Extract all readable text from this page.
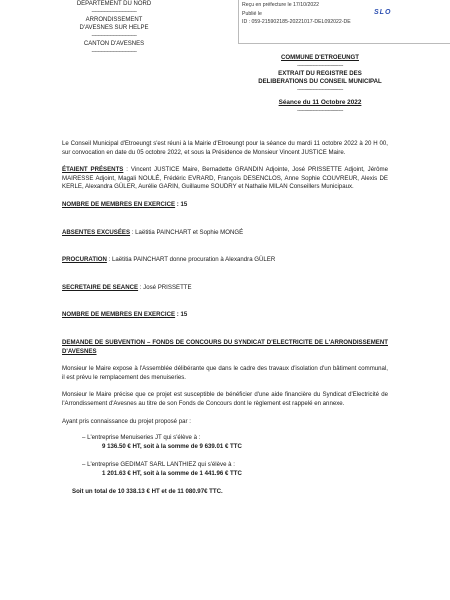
Reçu en préfecture le 17/10/2022
Publié le
ID : 059-215902185-20221017-DEL092022-DE
SLO
DÉPARTEMENT DU NORD
------------------------------
ARRONDISSEMENT
D'AVESNES SUR HELPE
------------------------------
CANTON D'AVESNES
------------------------------
COMMUNE D'ETROEUNGT
------------------------------
EXTRAIT DU REGISTRE DES
DELIBERATIONS DU CONSEIL MUNICIPAL
------------------------------
Séance du 11 Octobre 2022
------------------------------

Le Conseil Municipal d'Etroeungt s'est réuni à la Mairie d'Etroeungt pour la séance du mardi 11 octobre 2022 à 20 H 00, sur convocation en date du 05 octobre 2022, et sous la Présidence de Monsieur Vincent JUSTICE Maire.

ÉTAIENT PRÉSENTS : Vincent JUSTICE Maire, Bernadette GRANDIN Adjointe, José PRISSETTE Adjoint, Jérôme MAIRESSE Adjoint, Magali NOULÉ, Frédéric EVRARD, François DESENCLOS, Anne Sophie COUVREUR, Alexis DE KERLE, Alexandra GÜLER, Aurélie GARIN, Guillaume SOUDRY et Nathalie MILAN Conseillers Municipaux.

NOMBRE DE MEMBRES EN EXERCICE : 15

ABSENTES EXCUSÉES : Laëtitia PAINCHART et Sophie MONGÉ

PROCURATION : Laëtitia PAINCHART donne procuration à Alexandra GÜLER

SECRETAIRE DE SEANCE : José PRISSETTE

NOMBRE DE MEMBRES EN EXERCICE : 15

DEMANDE DE SUBVENTION – FONDS DE CONCOURS DU SYNDICAT D'ELECTRICITE DE L'ARRONDISSEMENT D'AVESNES

Monsieur le Maire expose à l'Assemblée délibérante que dans le cadre des travaux d'isolation d'un bâtiment communal, il est prévu le remplacement des menuiseries.

Monsieur le Maire précise que ce projet est susceptible de bénéficier d'une aide financière du Syndicat d'Electricité de l'Arrondissement d'Avesnes au titre de son Fonds de Concours dont le règlement est rappelé en annexe.

Ayant pris connaissance du projet proposé par :

– L'entreprise Menuiseries JT qui s'élève à :
9 136.50 € HT, soit à la somme de 9 639.01 € TTC
– L'entreprise GEDIMAT SARL LANTHIEZ qui s'élève à :
1 201.63 € HT, soit à la somme de 1 441.96 € TTC

Soit un total de 10 338.13 € HT et de 11 080.97€ TTC.
